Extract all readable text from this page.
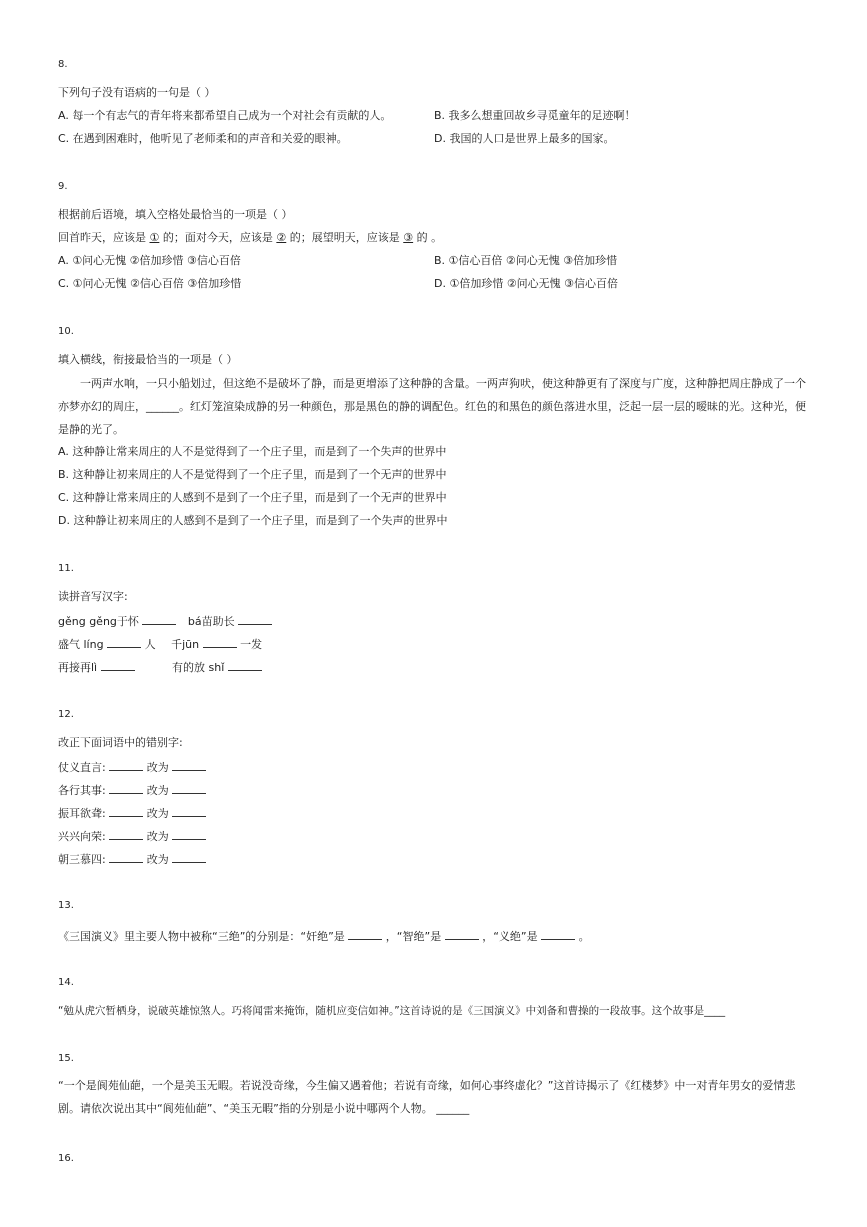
8.
下列句子没有语病的一句是（ ）
A. 每一个有志气的青年将来都希望自己成为一个对社会有贡献的人。	B. 我多么想重回故乡寻觅童年的足迹啊！
C. 在遇到困难时，他听见了老师柔和的声音和关爱的眼神。	D. 我国的人口是世界上最多的国家。
9.
根据前后语境，填入空格处最恰当的一项是（ ）
回首昨天，应该是 ① 的；面对今天，应该是 ② 的；展望明天，应该是 ③ 的 。
A. ①问心无愧 ②倍加珍惜 ③信心百倍	B. ①信心百倍 ②问心无愧 ③倍加珍惜
C. ①问心无愧 ②信心百倍 ③倍加珍惜	D. ①倍加珍惜 ②问心无愧 ③信心百倍
10.
填入横线，衔接最恰当的一项是（ ）
一两声水响，一只小船划过，但这绝不是破坏了静，而是更增添了这种静的含量。一两声狗吠，使这种静更有了深度与广度，这种静把周庄静成了一个亦梦亦幻的周庄，______。红灯笼渲染成静的另一种颜色，那是黑色的静的调配色。红色的和黑色的颜色落进水里，泛起一层一层的暧昧的光。这种光，便是静的光了。
A. 这种静让常来周庄的人不是觉得到了一个庄子里，而是到了一个失声的世界中
B. 这种静让初来周庄的人不是觉得到了一个庄子里，而是到了一个无声的世界中
C. 这种静让常来周庄的人感到不是到了一个庄子里，而是到了一个无声的世界中
D. 这种静让初来周庄的人感到不是到了一个庄子里，而是到了一个失声的世界中
11.
读拼音写汉字:
gěng gěng于怀	bá苗助长
盛气 líng	人 千jūn	一发
再接再lì	有的放 shǐ
12.
改正下面词语中的错别字:
仗义直言:	改为
各行其事:	改为
振耳欲聋:	改为
兴兴向荣:	改为
朝三慕四:	改为
13.
《三国演义》里主要人物中被称“三绝”的分别是：“奸绝”是	，“智绝”是	，“义绝”是	。
14.
“勉从虎穴暂栖身，说破英雄惊煞人。巧将闻雷来掩饰，随机应变信如神。”这首诗说的是《三国演义》中刘备和曹操的一段故事。这个故事是____
15.
“一个是阆苑仙葩，一个是美玉无暇。若说没奇缘，今生偏又遇着他；若说有奇缘，如何心事终虚化？”这首诗揭示了《红楼梦》中一对青年男女的爱情悲剧。请依次说出其中“阆苑仙葩”、“美玉无暇”指的分别是小说中哪两个人物。 ______
16.
